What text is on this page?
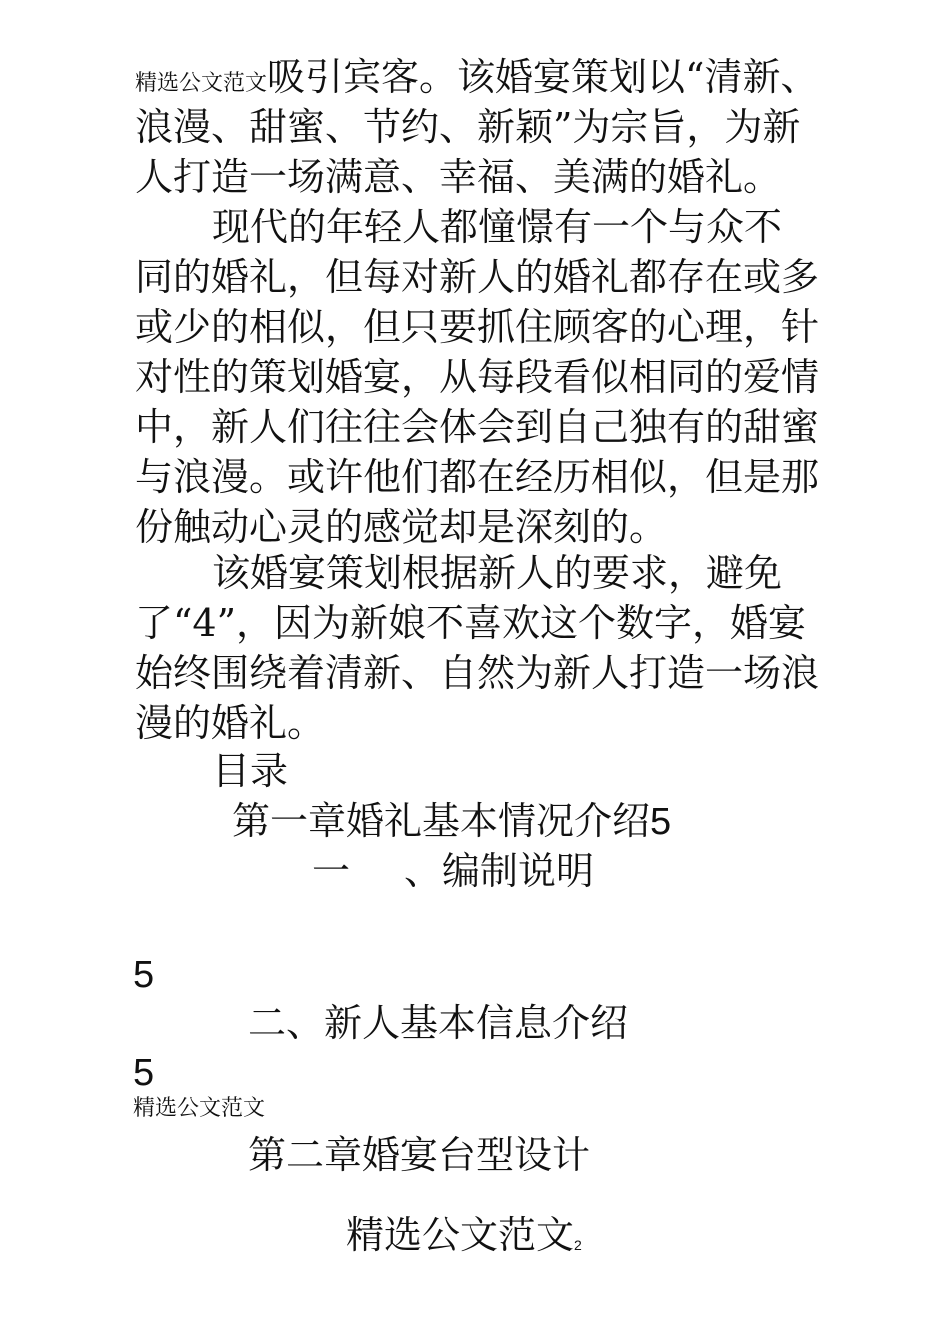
精选公文范文吸引宾客。该婚宴策划以“清新、
浪漫、甜蜜、节约、新颖”为宗旨，为新
人打造一场满意、幸福、美满的婚礼。
现代的年轻人都憧憬有一个与众不
同的婚礼，但每对新人的婚礼都存在或多
或少的相似，但只要抓住顾客的心理，针
对性的策划婚宴，从每段看似相同的爱情
中，新人们往往会体会到自己独有的甜蜜
与浪漫。或许他们都在经历相似，但是那
份触动心灵的感觉却是深刻的。
该婚宴策划根据新人的要求，避免
了“4”，因为新娘不喜欢这个数字，婚宴
始终围绕着清新、自然为新人打造一场浪
漫的婚礼。
目录
第一章婚礼基本情况介绍5
一 、编制说明
5
二、新人基本信息介绍
5
精选公文范文
第二章婚宴台型设计
精选公文范文2
